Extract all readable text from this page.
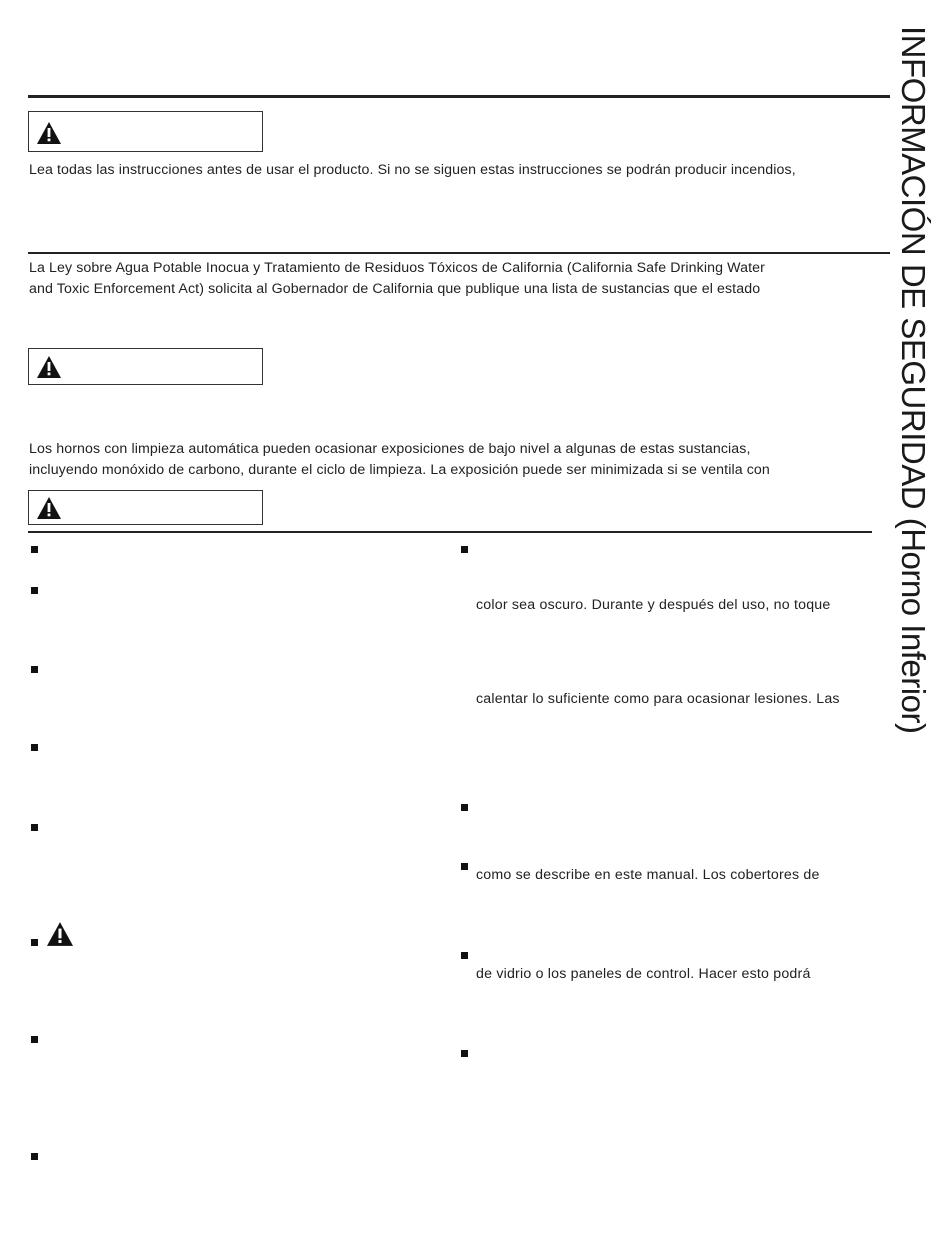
INFORMACIÓN DE SEGURIDAD (Horno Inferior)

Lea todas las instrucciones antes de usar el producto. Si no se siguen estas instrucciones se podrán producir incendios,

La Ley sobre Agua Potable Inocua y Tratamiento de Residuos Tóxicos de California (California Safe Drinking Water
and Toxic Enforcement Act) solicita al Gobernador de California que publique una lista de sustancias que el estado
Los hornos con limpieza automática pueden ocasionar exposiciones de bajo nivel a algunas de estas sustancias,
incluyendo monóxido de carbono, durante el ciclo de limpieza. La exposición puede ser minimizada si se ventila con
color sea oscuro. Durante y después del uso, no toque
calentar lo suficiente como para ocasionar lesiones. Las
como se describe en este manual. Los cobertores de
de vidrio o los paneles de control. Hacer esto podrá
